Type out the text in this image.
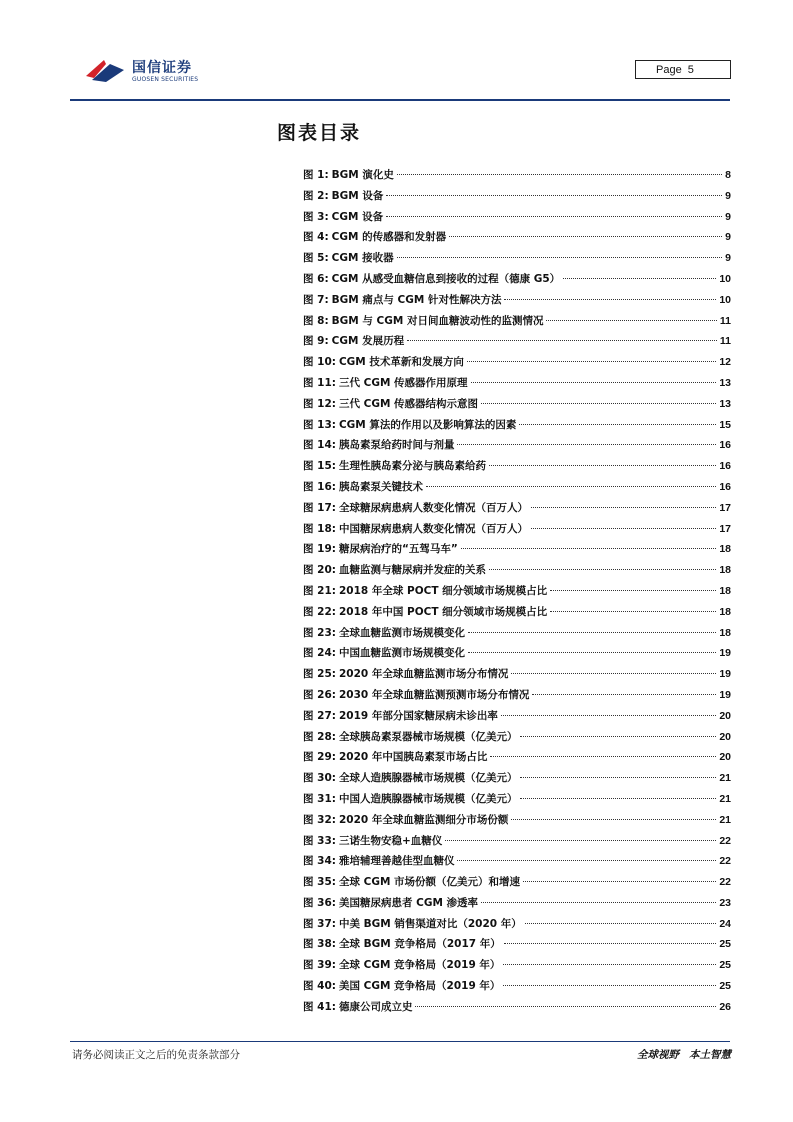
国信证券
GUOSEN SECURITIES
Page 5
图表目录
图 1: BGM 演化史	8
图 2: BGM 设备	9
图 3: CGM 设备	9
图 4: CGM 的传感器和发射器	9
图 5: CGM 接收器	9
图 6: CGM 从感受血糖信息到接收的过程（德康 G5）	10
图 7: BGM 痛点与 CGM 针对性解决方法	10
图 8: BGM 与 CGM 对日间血糖波动性的监测情况	11
图 9: CGM 发展历程	11
图 10: CGM 技术革新和发展方向	12
图 11: 三代 CGM 传感器作用原理	13
图 12: 三代 CGM 传感器结构示意图	13
图 13: CGM 算法的作用以及影响算法的因素	15
图 14: 胰岛素泵给药时间与剂量	16
图 15: 生理性胰岛素分泌与胰岛素给药	16
图 16: 胰岛素泵关键技术	16
图 17: 全球糖尿病患病人数变化情况（百万人）	17
图 18: 中国糖尿病患病人数变化情况（百万人）	17
图 19: 糖尿病治疗的“五驾马车”	18
图 20: 血糖监测与糖尿病并发症的关系	18
图 21: 2018 年全球 POCT 细分领域市场规模占比	18
图 22: 2018 年中国 POCT 细分领域市场规模占比	18
图 23: 全球血糖监测市场规模变化	18
图 24: 中国血糖监测市场规模变化	19
图 25: 2020 年全球血糖监测市场分布情况	19
图 26: 2030 年全球血糖监测预测市场分布情况	19
图 27: 2019 年部分国家糖尿病未诊出率	20
图 28: 全球胰岛素泵器械市场规模（亿美元）	20
图 29: 2020 年中国胰岛素泵市场占比	20
图 30: 全球人造胰腺器械市场规模（亿美元）	21
图 31: 中国人造胰腺器械市场规模（亿美元）	21
图 32: 2020 年全球血糖监测细分市场份额	21
图 33: 三诺生物安稳+血糖仪	22
图 34: 雅培辅理善越佳型血糖仪	22
图 35: 全球 CGM 市场份额（亿美元）和增速	22
图 36: 美国糖尿病患者 CGM 渗透率	23
图 37: 中美 BGM 销售渠道对比（2020 年）	24
图 38: 全球 BGM 竞争格局（2017 年）	25
图 39: 全球 CGM 竞争格局（2019 年）	25
图 40: 美国 CGM 竞争格局（2019 年）	25
图 41: 德康公司成立史	26
请务必阅读正文之后的免责条款部分	全球视野 本土智慧
